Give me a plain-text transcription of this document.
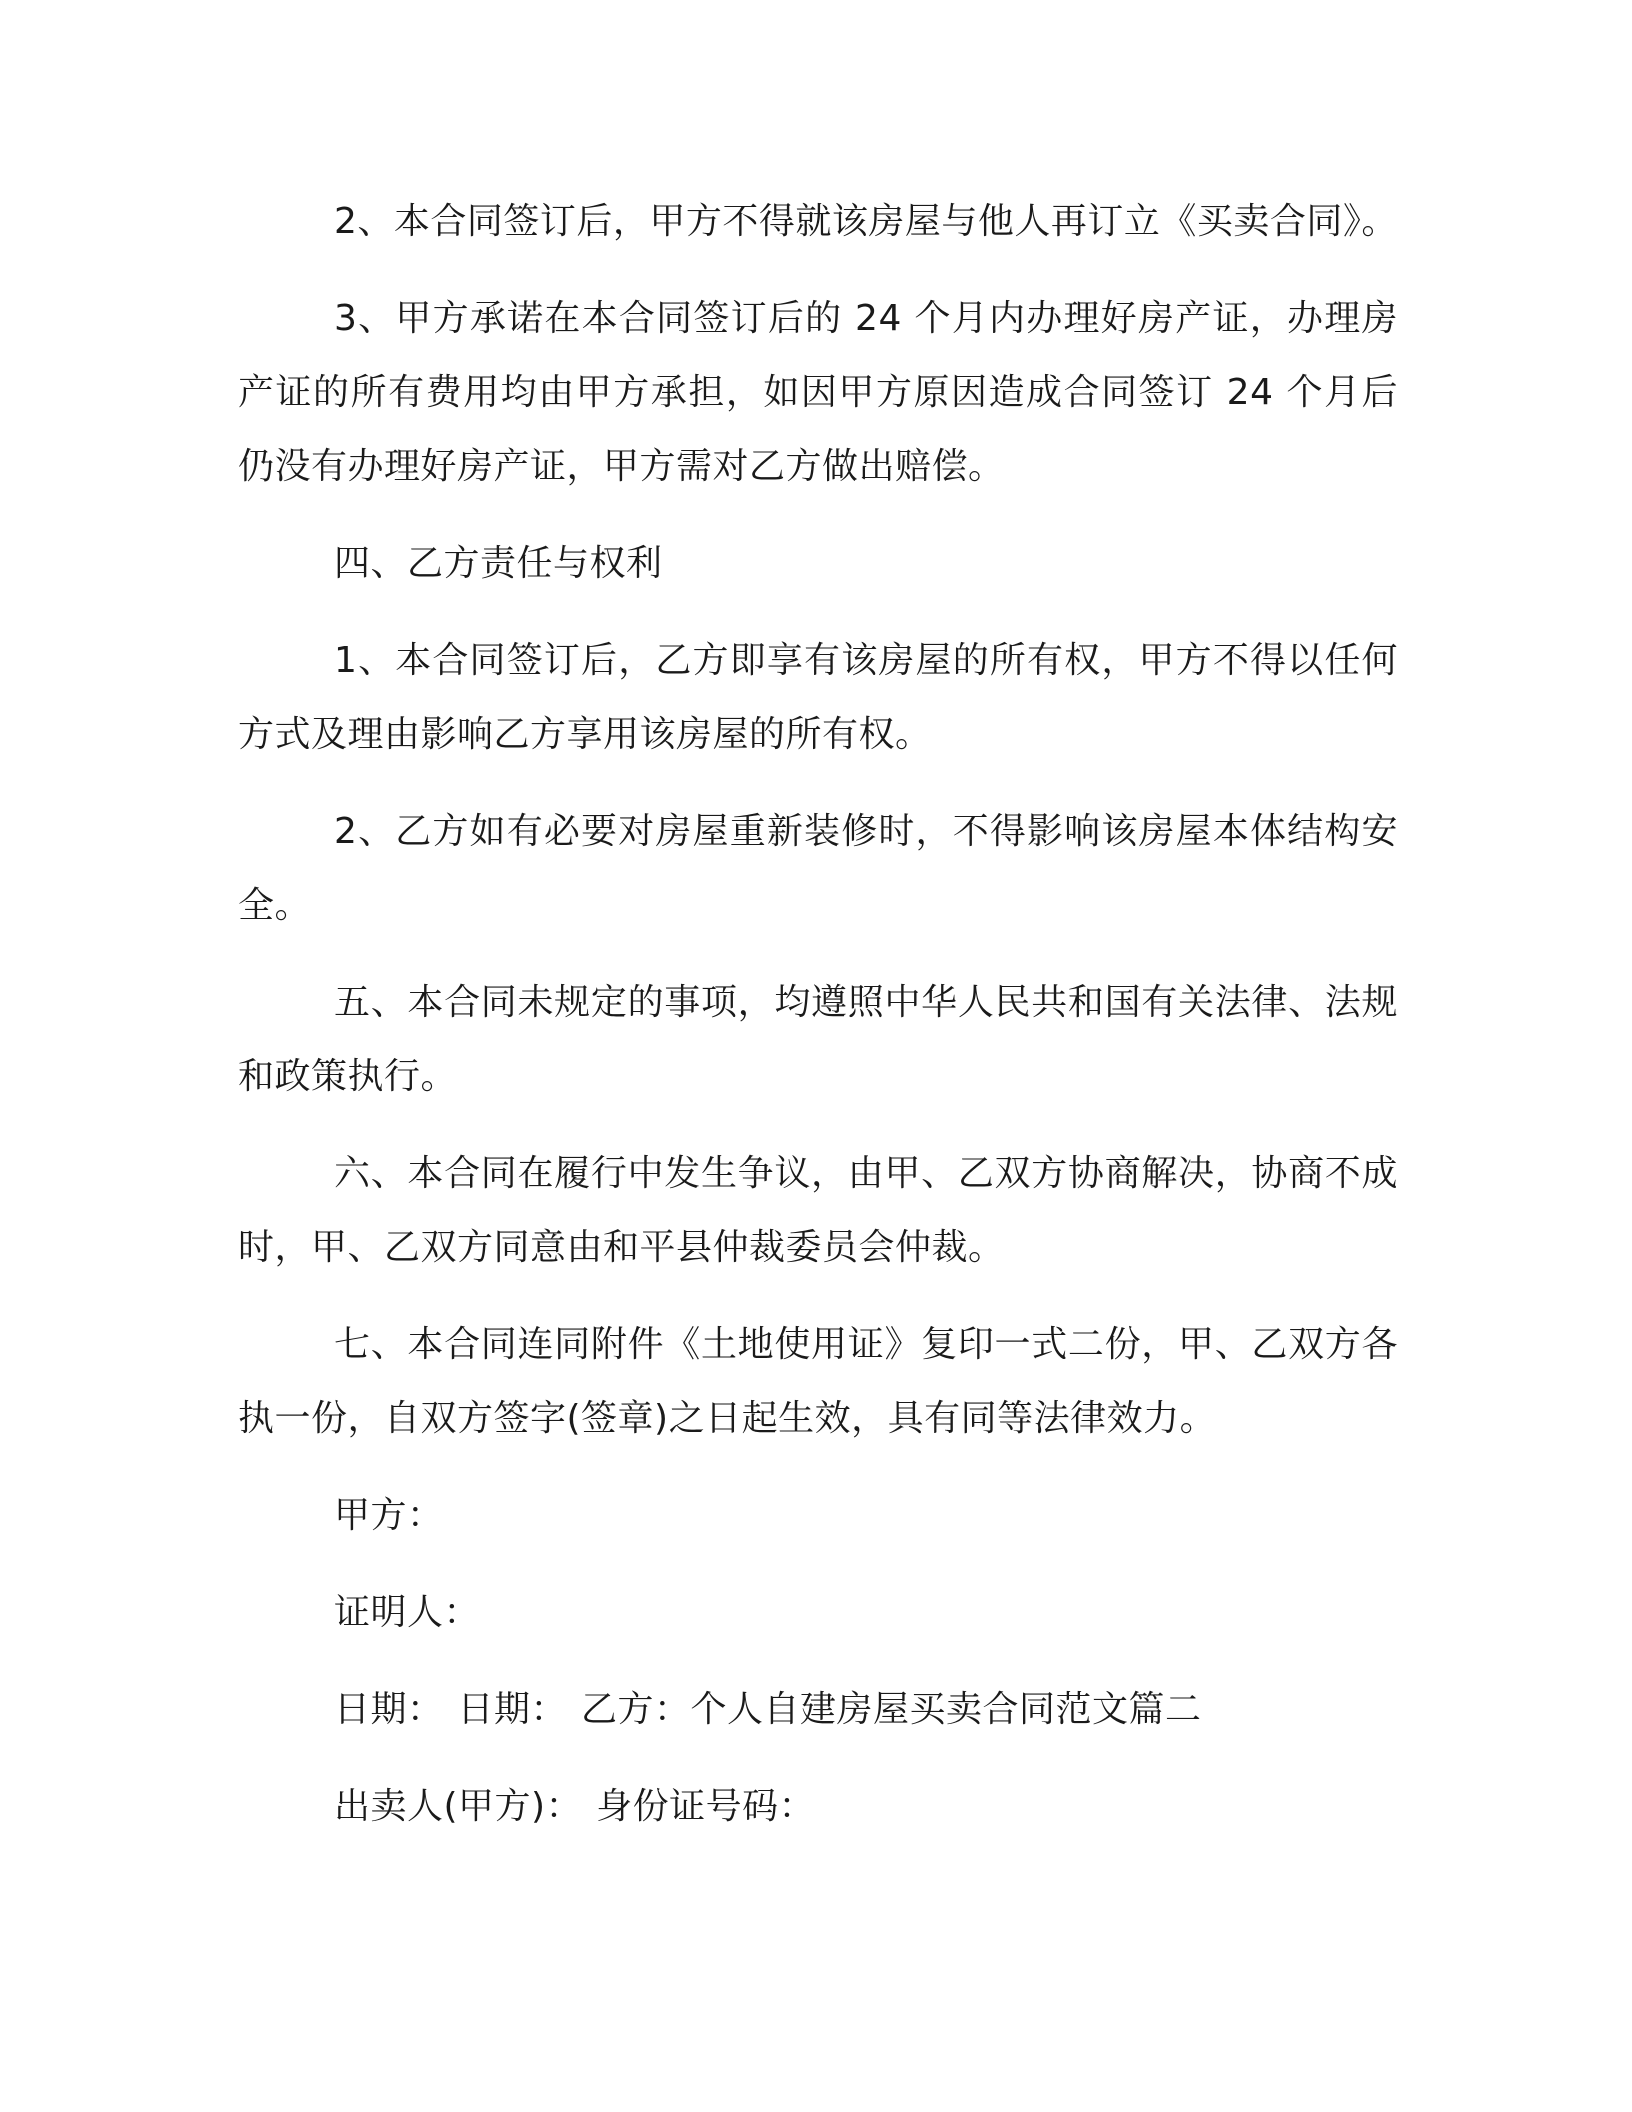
2、本合同签订后，甲方不得就该房屋与他人再订立《买卖合同》。

3、甲方承诺在本合同签订后的 24 个月内办理好房产证，办理房产证的所有费用均由甲方承担，如因甲方原因造成合同签订 24 个月后仍没有办理好房产证，甲方需对乙方做出赔偿。

四、乙方责任与权利

1、本合同签订后，乙方即享有该房屋的所有权，甲方不得以任何方式及理由影响乙方享用该房屋的所有权。

2、乙方如有必要对房屋重新装修时，不得影响该房屋本体结构安全。

五、本合同未规定的事项，均遵照中华人民共和国有关法律、法规和政策执行。

六、本合同在履行中发生争议，由甲、乙双方协商解决，协商不成时，甲、乙双方同意由和平县仲裁委员会仲裁。

七、本合同连同附件《土地使用证》复印一式二份，甲、乙双方各执一份，自双方签字(签章)之日起生效，具有同等法律效力。

甲方：

证明人：

日期： 日期： 乙方：个人自建房屋买卖合同范文篇二

出卖人(甲方)： 身份证号码：
